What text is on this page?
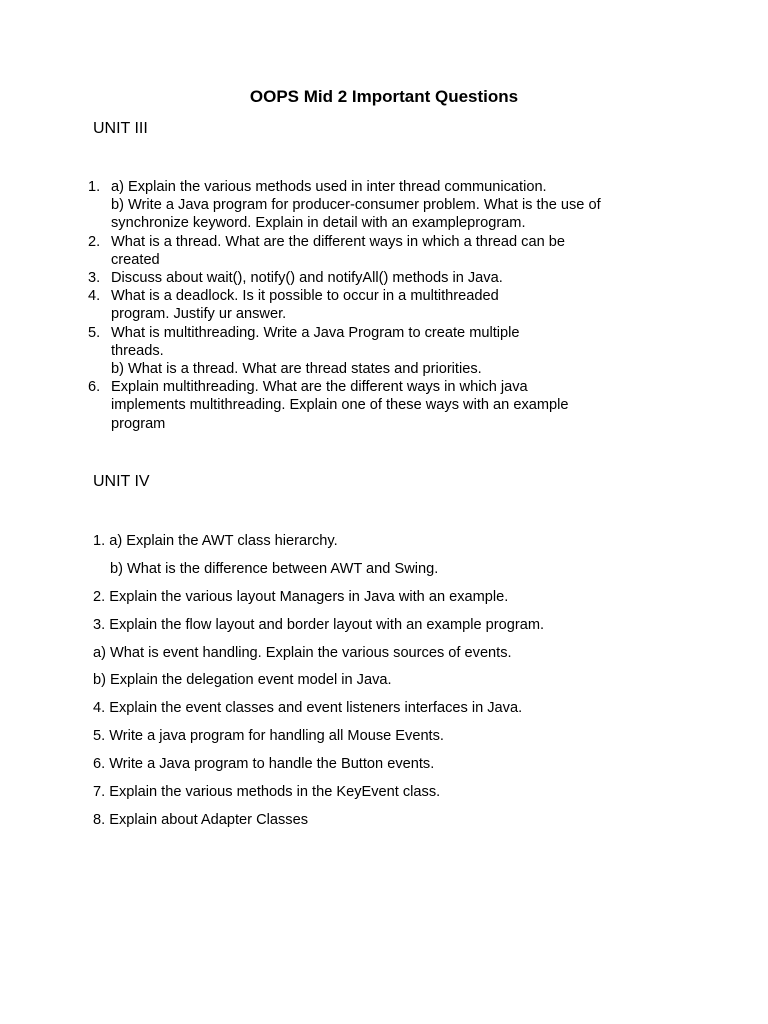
OOPS Mid 2 Important Questions
UNIT III
1. a) Explain the various methods used in inter thread communication.
b) Write a Java program for producer-consumer problem. What is the use of
synchronize keyword. Explain in detail with an exampleprogram.
2. What is a thread. What are the different ways in which a thread can be
created
3. Discuss about wait(), notify() and notifyAll() methods in Java.
4. What is a deadlock. Is it possible to occur in a multithreaded
program. Justify ur answer.
5. What is multithreading. Write a Java Program to create multiple
threads.
b) What is a thread. What are thread states and priorities.
6. Explain multithreading. What are the different ways in which java
implements multithreading. Explain one of these ways with an example
program
UNIT IV
1. a) Explain the AWT class hierarchy.
b) What is the difference between AWT and Swing.
2. Explain the various layout Managers in Java with an example.
3. Explain the flow layout and border layout with an example program.
a) What is event handling. Explain the various sources of events.
b) Explain the delegation event model in Java.
4. Explain the event classes and event listeners interfaces in Java.
5. Write a java program for handling all Mouse Events.
6. Write a Java program to handle the Button events.
7. Explain the various methods in the KeyEvent class.
8. Explain about Adapter Classes
